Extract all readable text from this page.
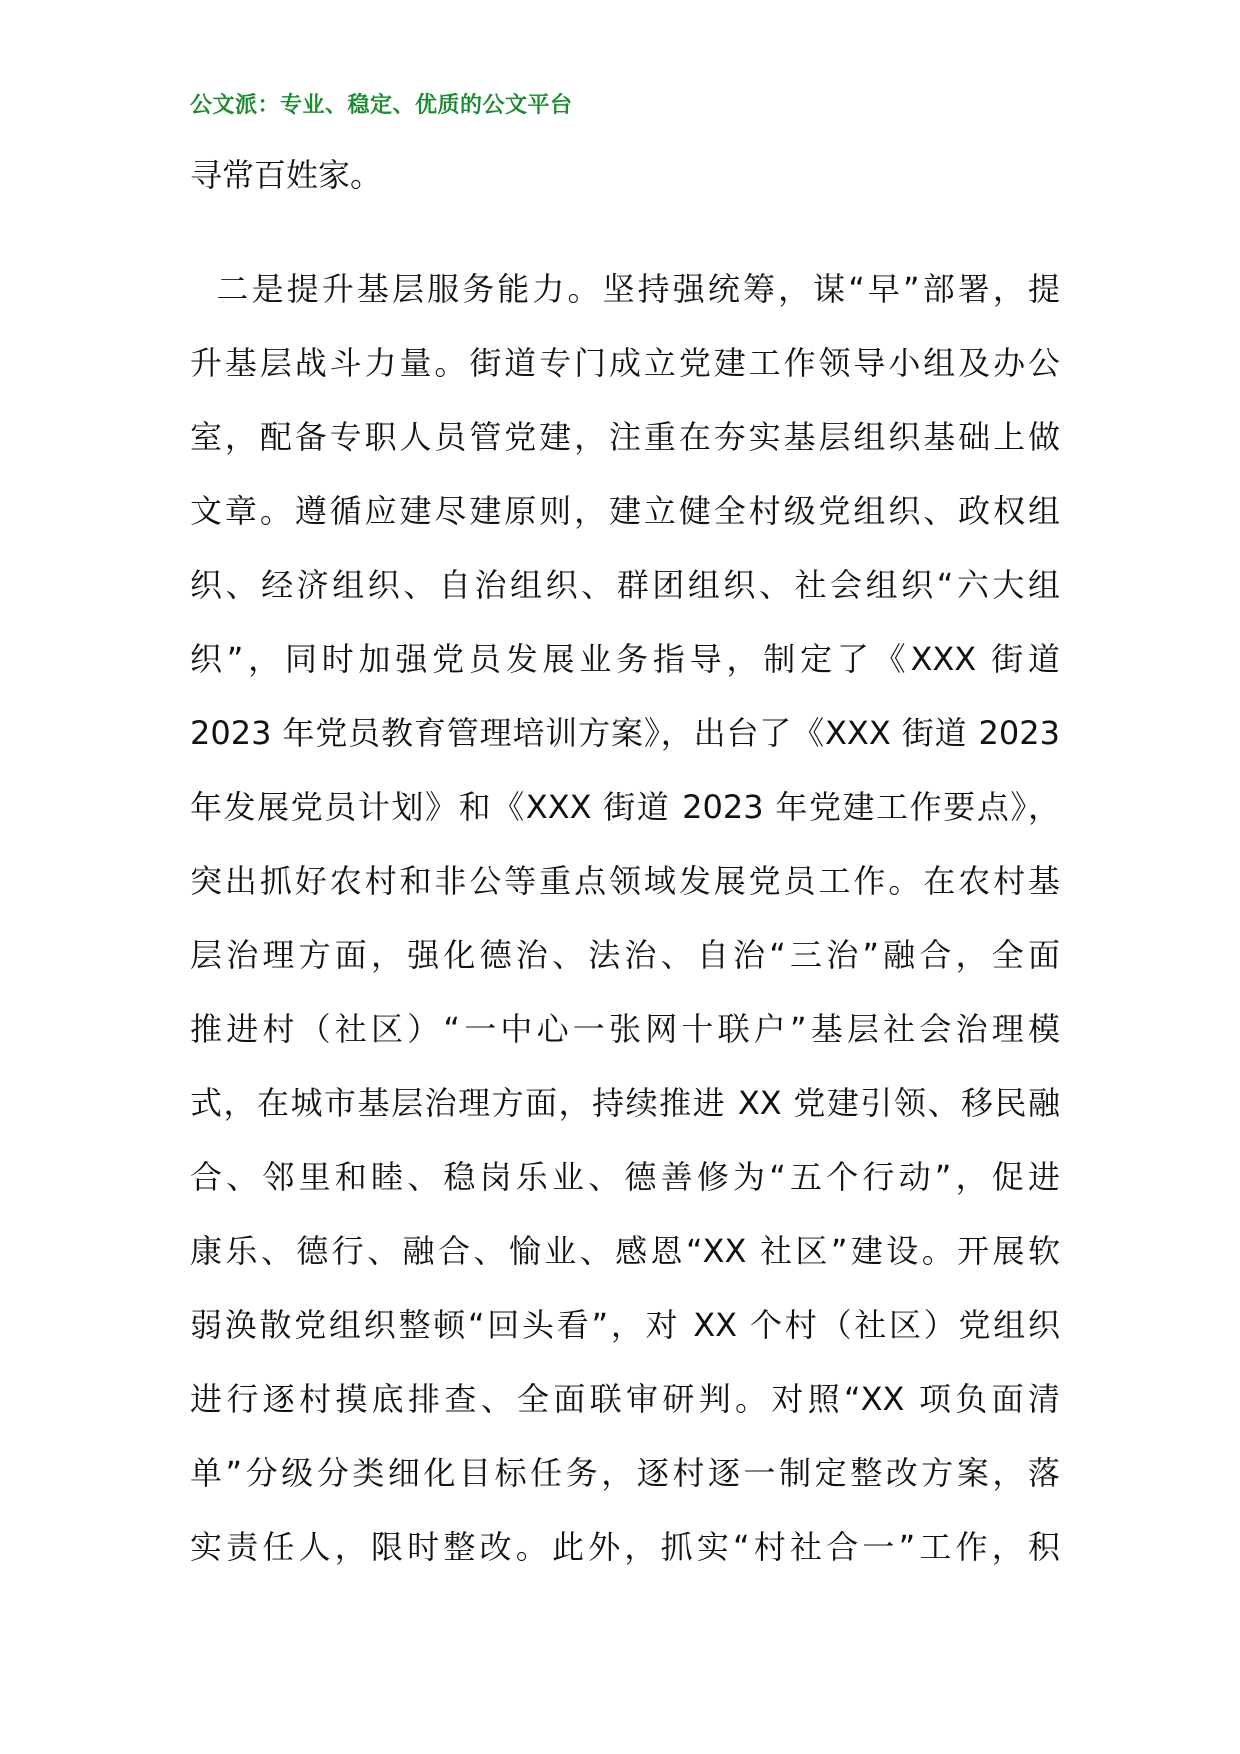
公文派：专业、稳定、优质的公文平台
寻常百姓家。
二是提升基层服务能力。坚持强统筹，谋“早”部署，提
升基层战斗力量。街道专门成立党建工作领导小组及办公
室，配备专职人员管党建，注重在夯实基层组织基础上做
文章。遵循应建尽建原则，建立健全村级党组织、政权组
织、经济组织、自治组织、群团组织、社会组织“六大组
织”，同时加强党员发展业务指导，制定了《XXX 街道
2023 年党员教育管理培训方案》，出台了《XXX 街道 2023
年发展党员计划》和《XXX 街道 2023 年党建工作要点》，
突出抓好农村和非公等重点领域发展党员工作。在农村基
层治理方面，强化德治、法治、自治“三治”融合，全面
推进村（社区）“一中心一张网十联户”基层社会治理模
式，在城市基层治理方面，持续推进 XX 党建引领、移民融
合、邻里和睦、稳岗乐业、德善修为“五个行动”，促进
康乐、德行、融合、愉业、感恩“XX 社区”建设。开展软
弱涣散党组织整顿“回头看”，对 XX 个村（社区）党组织
进行逐村摸底排查、全面联审研判。对照“XX 项负面清
单”分级分类细化目标任务，逐村逐一制定整改方案，落
实责任人，限时整改。此外，抓实“村社合一”工作，积
